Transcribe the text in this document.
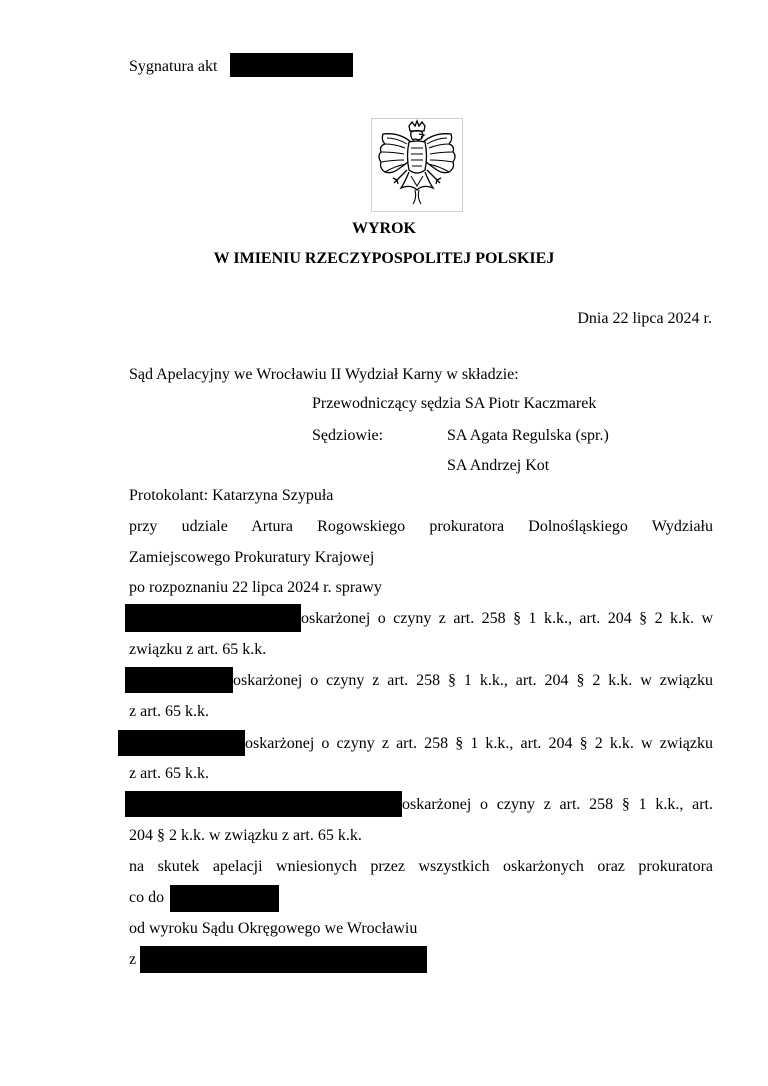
Sygnatura akt
WYROK
W IMIENIU RZECZYPOSPOLITEJ POLSKIEJ
Dnia 22 lipca 2024 r.
Sąd Apelacyjny we Wrocławiu II Wydział Karny w składzie:
Przewodniczący sędzia SA Piotr Kaczmarek
Sędziowie:	SA Agata Regulska (spr.)
SA Andrzej Kot
Protokolant: Katarzyna Szypuła
przy udziale Artura Rogowskiego prokuratora Dolnośląskiego Wydziału
Zamiejscowego Prokuratury Krajowej
po rozpoznaniu 22 lipca 2024 r. sprawy
oskarżonej o czyny z art. 258 § 1 k.k., art. 204 § 2 k.k. w
związku z art. 65 k.k.
oskarżonej o czyny z art. 258 § 1 k.k., art. 204 § 2 k.k. w związku
z art. 65 k.k.
oskarżonej o czyny z art. 258 § 1 k.k., art. 204 § 2 k.k. w związku
z art. 65 k.k.
oskarżonej o czyny z art. 258 § 1 k.k., art.
204 § 2 k.k. w związku z art. 65 k.k.
na skutek apelacji wniesionych przez wszystkich oskarżonych oraz prokuratora
co do
od wyroku Sądu Okręgowego we Wrocławiu
z
